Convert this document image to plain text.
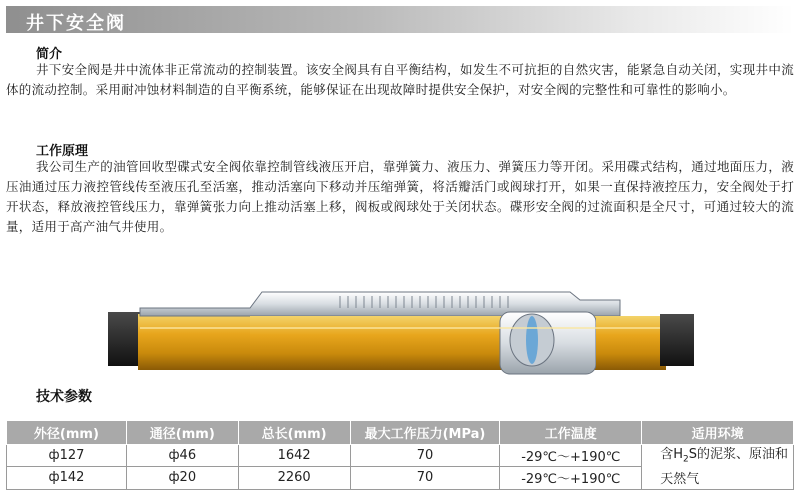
井下安全阀
简介

井下安全阀是井中流体非正常流动的控制装置。该安全阀具有自平衡结构，如发生不可抗拒的自然灾害，能紧急自动关闭，实现井中流体的流动控制。采用耐冲蚀材料制造的自平衡系统，能够保证在出现故障时提供安全保护，对安全阀的完整性和可靠性的影响小。

工作原理

我公司生产的油管回收型碟式安全阀依靠控制管线液压开启，靠弹簧力、液压力、弹簧压力等开闭。采用碟式结构，通过地面压力，液压油通过压力液控管线传至液压孔至活塞，推动活塞向下移动并压缩弹簧，将活瓣活门或阀球打开，如果一直保持液控压力，安全阀处于打开状态，释放液控管线压力，靠弹簧张力向上推动活塞上移，阀板或阀球处于关闭状态。碟形安全阀的过流面积是全尺寸，可通过较大的流量，适用于高产油气井使用。

技术参数
外径(mm)	通径(mm)	总长(mm)	最大工作压力(MPa)	工作温度	适用环境
ф127	ф46	1642	70	-29℃～+190℃	含$H_2S$的泥浆、原油和天然气
ф142	ф20	2260	70	-29℃～+190℃	
